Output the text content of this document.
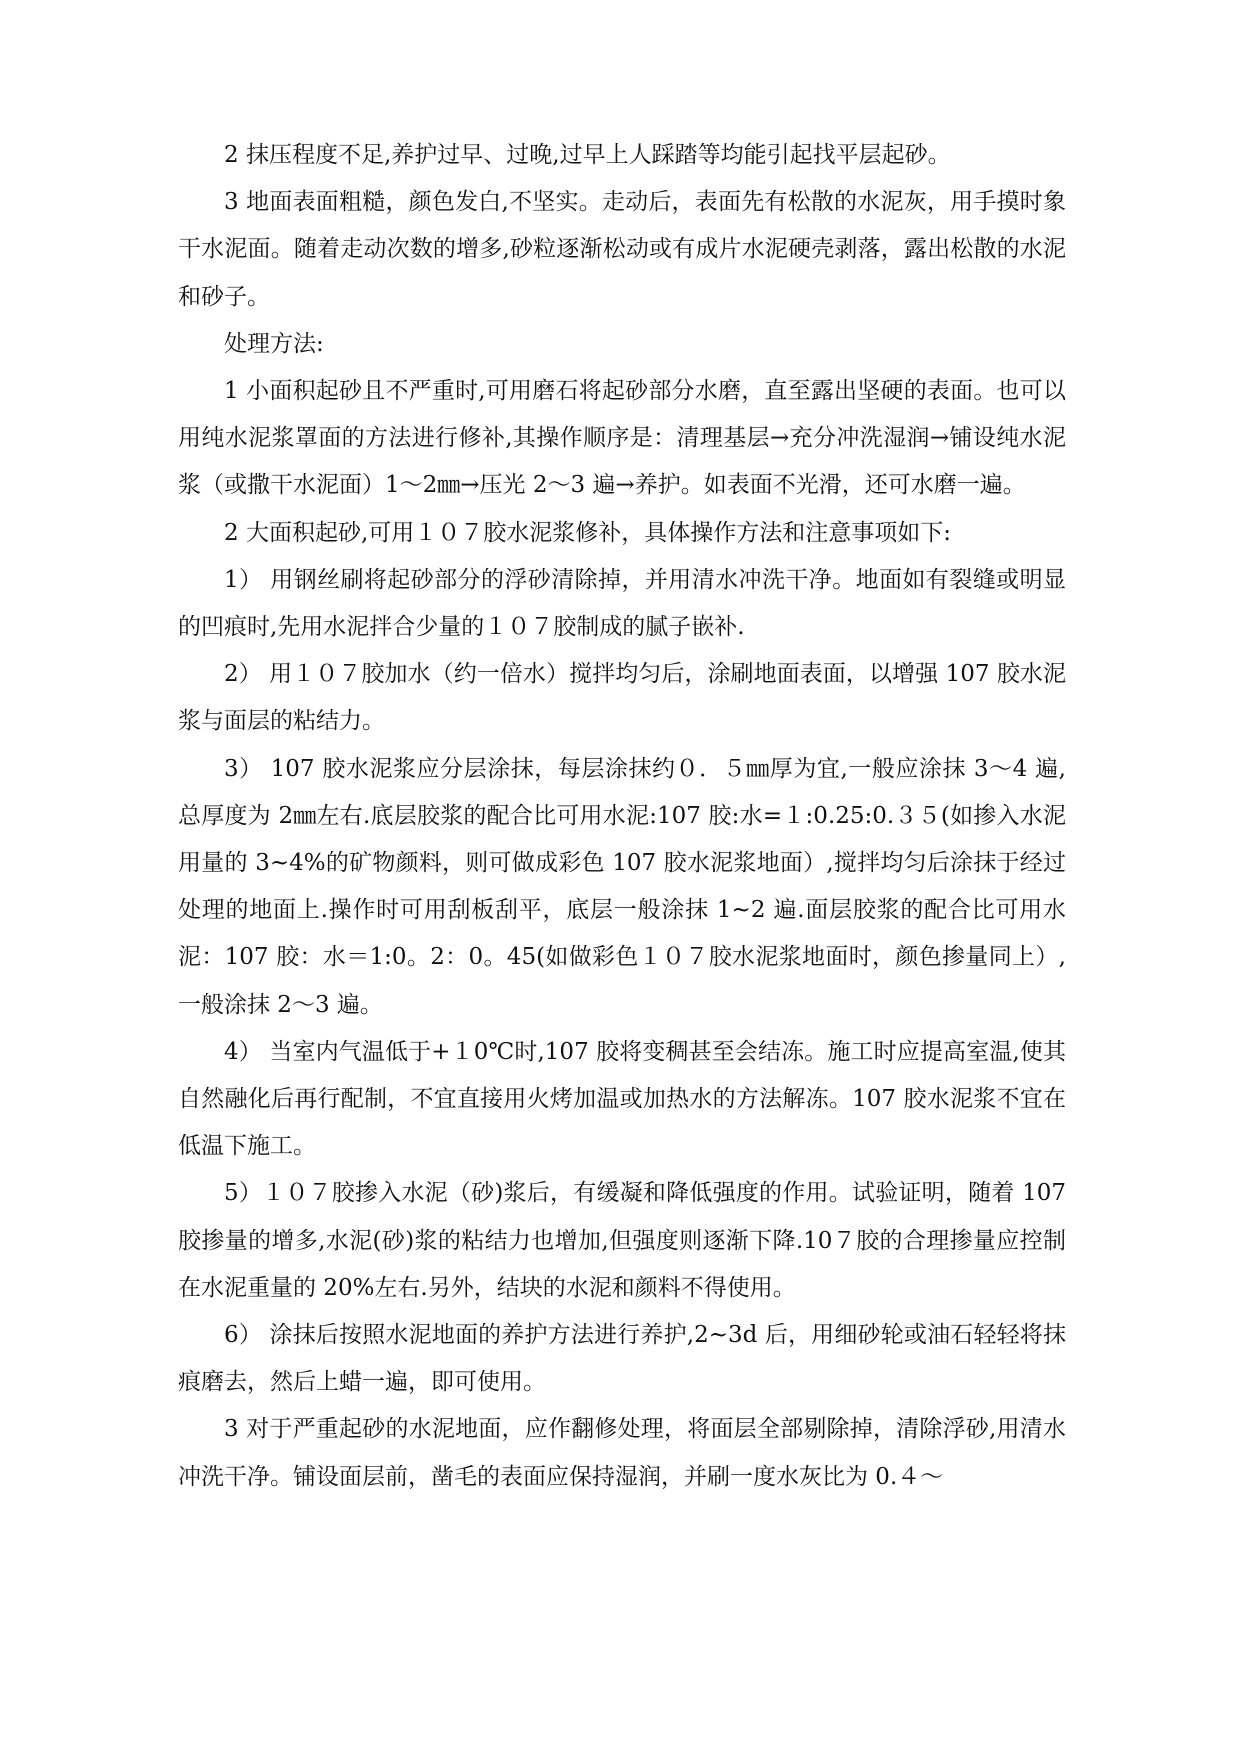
2 抹压程度不足,养护过早、过晚,过早上人踩踏等均能引起找平层起砂。

3 地面表面粗糙，颜色发白,不坚实。走动后，表面先有松散的水泥灰，用手摸时象干水泥面。随着走动次数的增多,砂粒逐渐松动或有成片水泥硬壳剥落，露出松散的水泥和砂子。

处理方法:

1 小面积起砂且不严重时,可用磨石将起砂部分水磨，直至露出坚硬的表面。也可以用纯水泥浆罩面的方法进行修补,其操作顺序是：清理基层→充分冲洗湿润→铺设纯水泥浆（或撒干水泥面）1～2㎜→压光 2～3 遍→养护。如表面不光滑，还可水磨一遍。

2 大面积起砂,可用１０７胶水泥浆修补，具体操作方法和注意事项如下:

1） 用钢丝刷将起砂部分的浮砂清除掉，并用清水冲洗干净。地面如有裂缝或明显的凹痕时,先用水泥拌合少量的１０７胶制成的腻子嵌补.

2） 用１０７胶加水（约一倍水）搅拌均匀后，涂刷地面表面，以增强 107 胶水泥浆与面层的粘结力。

3） 107 胶水泥浆应分层涂抹，每层涂抹约０．５㎜厚为宜,一般应涂抹 3～4 遍,总厚度为 2㎜左右.底层胶浆的配合比可用水泥:107 胶:水=１:0.25:0.３５(如掺入水泥用量的 3~4%的矿物颜料，则可做成彩色 107 胶水泥浆地面）,搅拌均匀后涂抹于经过处理的地面上.操作时可用刮板刮平，底层一般涂抹 1~2 遍.面层胶浆的配合比可用水泥：107 胶：水＝1:0。2：0。45(如做彩色１０７胶水泥浆地面时，颜色掺量同上）,一般涂抹 2～3 遍。

4） 当室内气温低于+１0℃时,107 胶将变稠甚至会结冻。施工时应提高室温,使其自然融化后再行配制，不宜直接用火烤加温或加热水的方法解冻。107 胶水泥浆不宜在低温下施工。

5）１０７胶掺入水泥（砂)浆后，有缓凝和降低强度的作用。试验证明，随着 107 胶掺量的增多,水泥(砂)浆的粘结力也增加,但强度则逐渐下降.10７胶的合理掺量应控制在水泥重量的 20%左右.另外，结块的水泥和颜料不得使用。

6） 涂抹后按照水泥地面的养护方法进行养护,2~3d 后，用细砂轮或油石轻轻将抹痕磨去，然后上蜡一遍，即可使用。

3 对于严重起砂的水泥地面，应作翻修处理，将面层全部剔除掉，清除浮砂,用清水冲洗干净。铺设面层前，凿毛的表面应保持湿润，并刷一度水灰比为 0.４～
